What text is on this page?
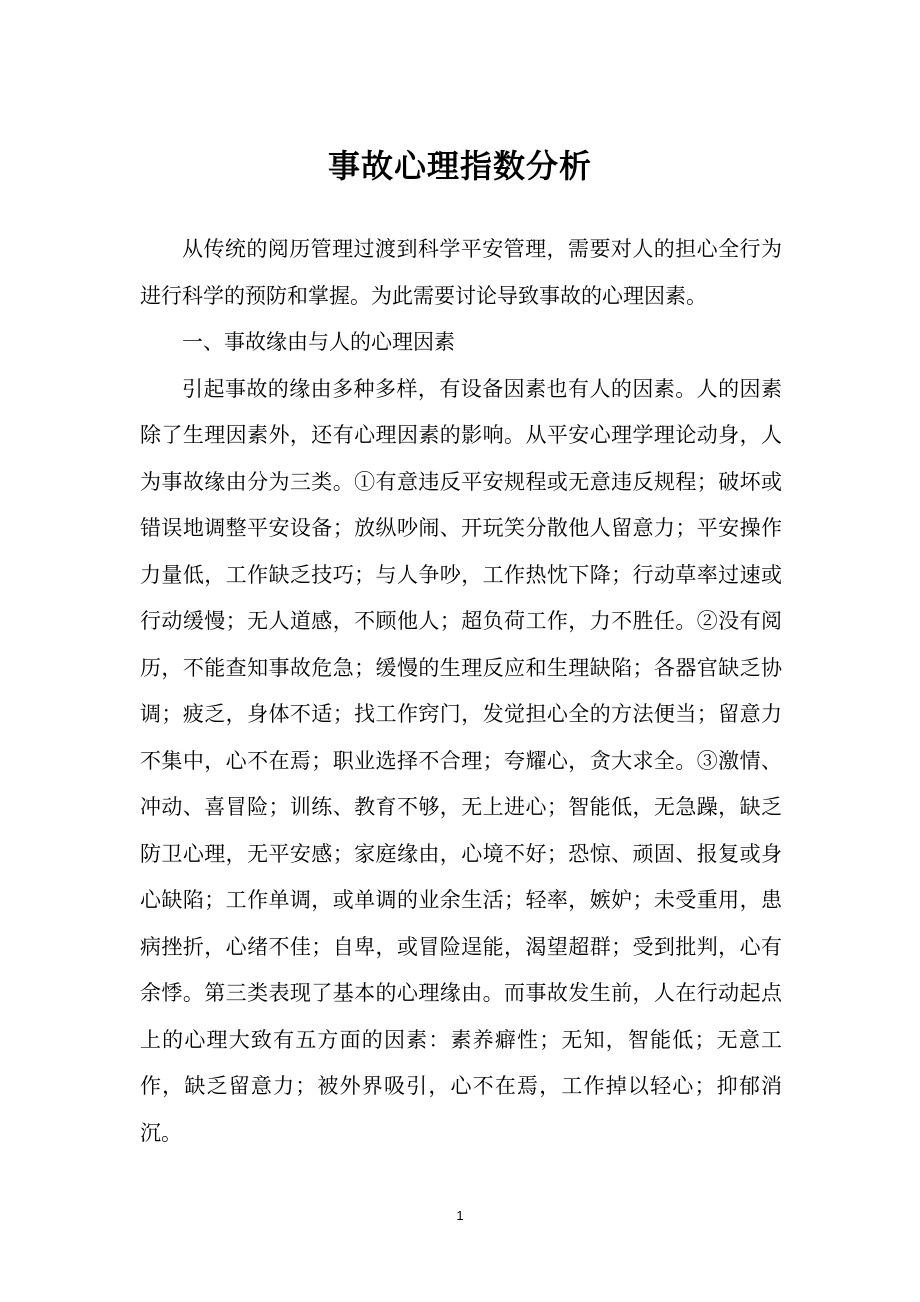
事故心理指数分析

从传统的阅历管理过渡到科学平安管理，需要对人的担心全行为进行科学的预防和掌握。为此需要讨论导致事故的心理因素。

一、事故缘由与人的心理因素

引起事故的缘由多种多样，有设备因素也有人的因素。人的因素除了生理因素外，还有心理因素的影响。从平安心理学理论动身，人为事故缘由分为三类。①有意违反平安规程或无意违反规程；破坏或错误地调整平安设备；放纵吵闹、开玩笑分散他人留意力；平安操作力量低，工作缺乏技巧；与人争吵，工作热忱下降；行动草率过速或行动缓慢；无人道感，不顾他人；超负荷工作，力不胜任。②没有阅历，不能查知事故危急；缓慢的生理反应和生理缺陷；各器官缺乏协调；疲乏，身体不适；找工作窍门，发觉担心全的方法便当；留意力不集中，心不在焉；职业选择不合理；夸耀心，贪大求全。③激情、冲动、喜冒险；训练、教育不够，无上进心；智能低，无急躁，缺乏防卫心理，无平安感；家庭缘由，心境不好；恐惊、顽固、报复或身心缺陷；工作单调，或单调的业余生活；轻率，嫉妒；未受重用，患病挫折，心绪不佳；自卑，或冒险逞能，渴望超群；受到批判，心有余悸。第三类表现了基本的心理缘由。而事故发生前，人在行动起点上的心理大致有五方面的因素：素养癖性；无知，智能低；无意工作，缺乏留意力；被外界吸引，心不在焉，工作掉以轻心；抑郁消沉。

1
